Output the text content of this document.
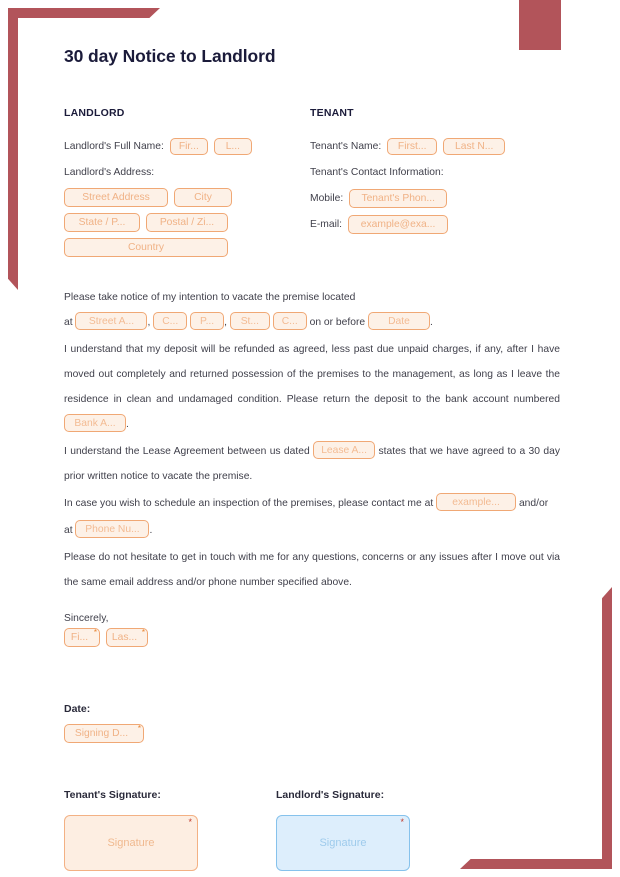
30 day Notice to Landlord
LANDLORD
Landlord's Full Name:	Fir...	L...
Landlord's Address:
Street Address	City
State / P...	Postal / Zi...
Country
TENANT
Tenant's Name:	First...	Last N...
Tenant's Contact Information:
Mobile:	Tenant's Phon...
E-mail:	example@exa...
Please take notice of my intention to vacate the premise located
at Street A... , C... P... , St... C... on or before Date .
I understand that my deposit will be refunded as agreed, less past due unpaid charges, if any, after I have moved out completely and returned possession of the premises to the management, as long as I leave the residence in clean and undamaged condition. Please return the deposit to the bank account numbered Bank A... .
I understand the Lease Agreement between us dated Lease A... states that we have agreed to a 30 day prior written notice to vacate the premise.
In case you wish to schedule an inspection of the premises, please contact me at example... and/or
at Phone Nu... .
Please do not hesitate to get in touch with me for any questions, concerns or any issues after I move out via the same email address and/or phone number specified above.
Sincerely,
Fi... * Las... *
Date:
Signing D... *
Tenant's Signature:	Landlord's Signature:
Signature
*
Signature
*
